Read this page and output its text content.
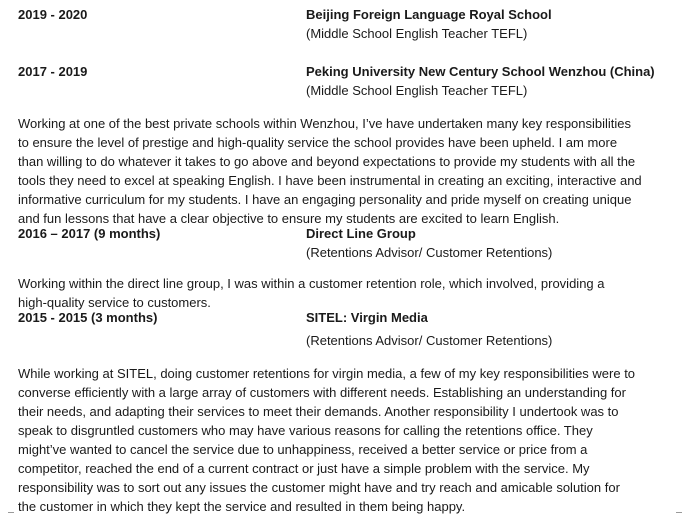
2019 - 2020	Beijing Foreign Language Royal School
(Middle School English Teacher TEFL)
2017 - 2019	Peking University New Century School Wenzhou (China)
(Middle School English Teacher TEFL)
Working at one of the best private schools within Wenzhou, I’ve have undertaken many key responsibilities
to ensure the level of prestige and high-quality service the school provides have been upheld. I am more
than willing to do whatever it takes to go above and beyond expectations to provide my students with all the
tools they need to excel at speaking English. I have been instrumental in creating an exciting, interactive and
informative curriculum for my students. I have an engaging personality and pride myself on creating unique
and fun lessons that have a clear objective to ensure my students are excited to learn English.
2016 – 2017 (9 months)	Direct Line Group
(Retentions Advisor/ Customer Retentions)
Working within the direct line group, I was within a customer retention role, which involved, providing a
high-quality service to customers.
2015 - 2015 (3 months)	SITEL: Virgin Media
(Retentions Advisor/ Customer Retentions)
While working at SITEL, doing customer retentions for virgin media, a few of my key responsibilities were to
converse efficiently with a large array of customers with different needs. Establishing an understanding for
their needs, and adapting their services to meet their demands. Another responsibility I undertook was to
speak to disgruntled customers who may have various reasons for calling the retentions office. They
might’ve wanted to cancel the service due to unhappiness, received a better service or price from a
competitor, reached the end of a current contract or just have a simple problem with the service. My
responsibility was to sort out any issues the customer might have and try reach and amicable solution for
the customer in which they kept the service and resulted in them being happy.
